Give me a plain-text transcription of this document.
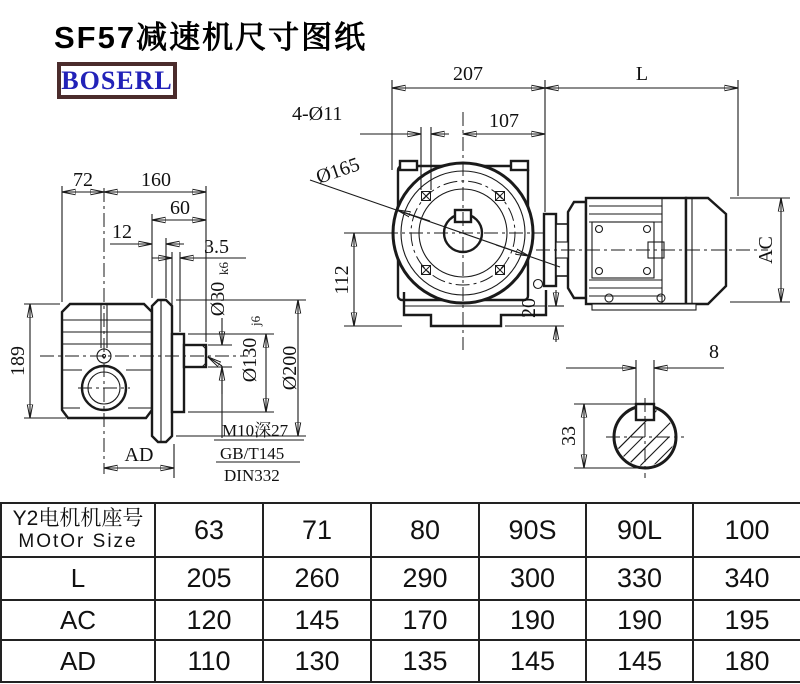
SF57减速机尺寸图纸
BOSERL
72 160
60
12
3.5
189
Ø30
k6
Ø130
j6
Ø200
AD
M10深27
GB/T145
DIN332
20
112
Ø165
4-Ø11	107
207	L
AC
8
33
Y2电机机座号
MOtOr Size	63	71	80	90S	90L	100
L	205	260	290	300	330	340
AC	120	145	170	190	190	195
AD	110	130	135	145	145	180
